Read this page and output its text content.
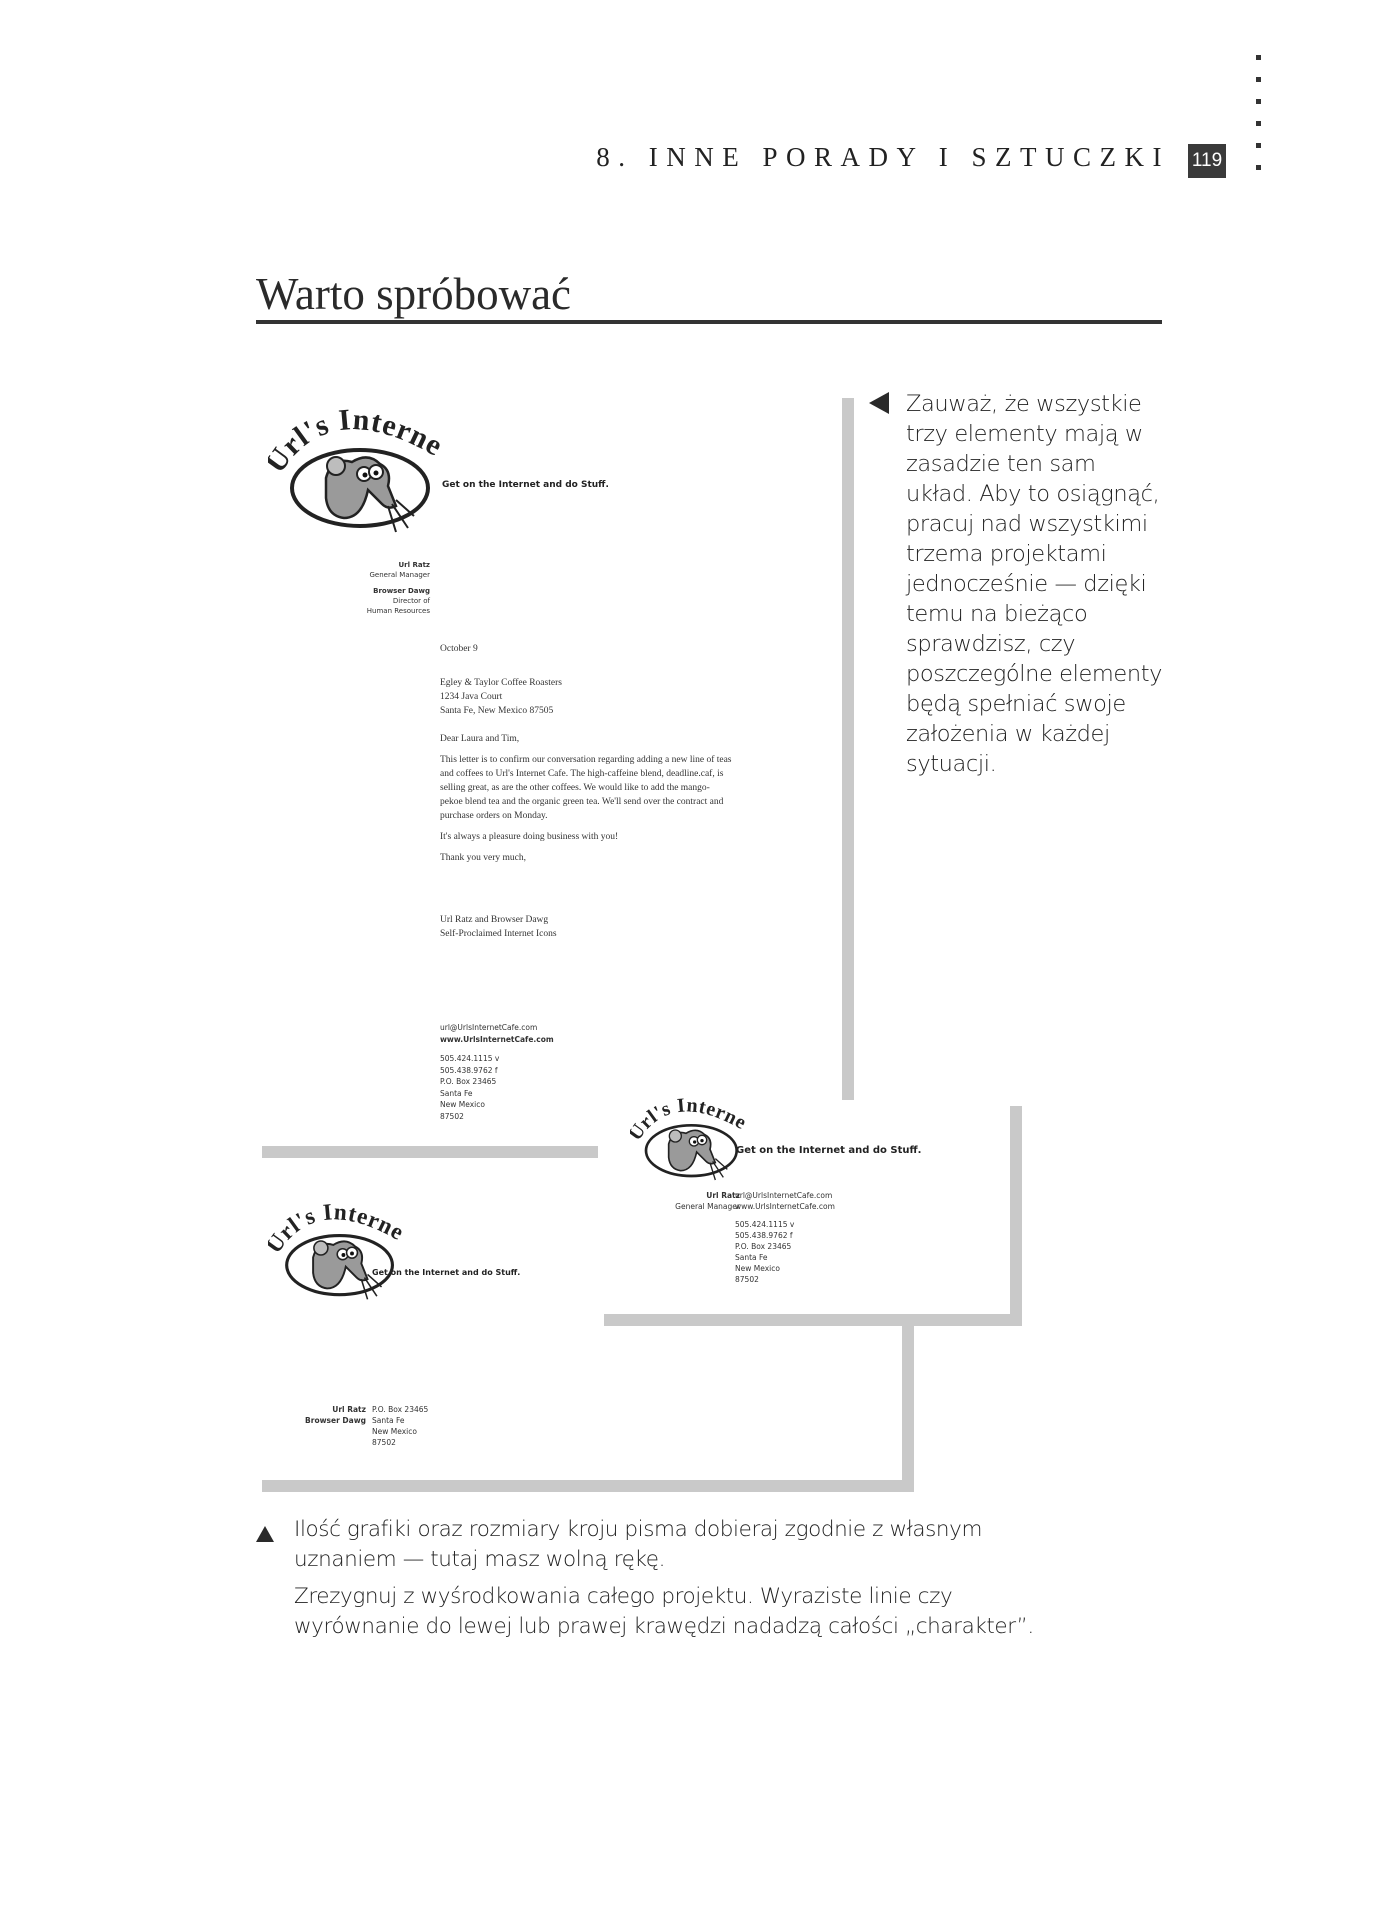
8. INNE PORADY I SZTUCZKI 119
Warto spróbować
Zauważ, że wszystkie trzy elementy mają w zasadzie ten sam układ. Aby to osiągnąć, pracuj nad wszystkimi trzema projektami jednocześnie — dzięki temu na bieżąco sprawdzisz, czy poszczególne elementy będą spełniać swoje założenia w każdej sytuacji.
rl's Interne
Get on the Internet and do Stuff.
Url Ratz
General Manager
Browser Dawg
Director of
Human Resources
October 9
Egley & Taylor Coffee Roasters
1234 Java Court
Santa Fe, New Mexico 87505
Dear Laura and Tim,
This letter is to confirm our conversation regarding adding a new line of teas and coffees to Url's Internet Cafe. The high-caffeine blend, deadline.caf, is selling great, as are the other coffees. We would like to add the mango-pekoe blend tea and the organic green tea. We'll send over the contract and purchase orders on Monday.
It's always a pleasure doing business with you!
Thank you very much,
Url Ratz and Browser Dawg
Self-Proclaimed Internet Icons
url@UrlsInternetCafe.com
www.UrlsInternetCafe.com
505.424.1115 v
505.438.9762 f
P.O. Box 23465
Santa Fe
New Mexico
87502
rl's Interne
Get on the Internet and do Stuff.
Url Ratz
Browser Dawg
P.O. Box 23465
Santa Fe
New Mexico
87502
rl's Interne
Get on the Internet and do Stuff.
Url Ratz
General Manager
url@UrlsInternetCafe.com
www.UrlsInternetCafe.com
505.424.1115 v
505.438.9762 f
P.O. Box 23465
Santa Fe
New Mexico
87502
Ilość grafiki oraz rozmiary kroju pisma dobieraj zgodnie z własnym uznaniem — tutaj masz wolną rękę.
Zrezygnuj z wyśrodkowania całego projektu. Wyraziste linie czy wyrównanie do lewej lub prawej krawędzi nadadzą całości „charakter”.
